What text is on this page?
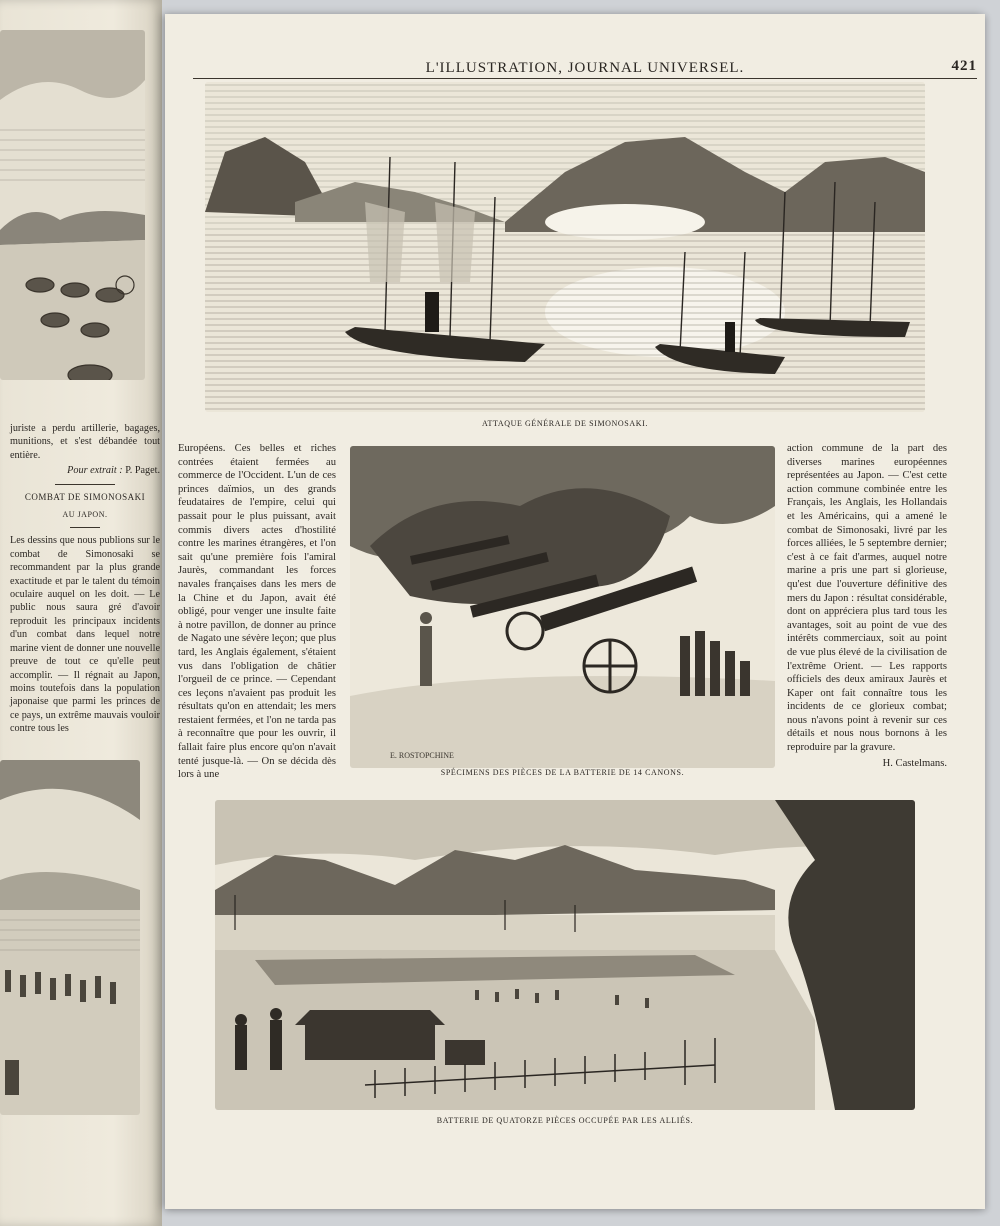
juriste a perdu artillerie, bagages, munitions, et s'est débandée tout entière.

Pour extrait : P. Paget.

COMBAT DE SIMONOSAKI

AU JAPON.

Les dessins que nous publions sur le combat de Simonosaki se recommandent par la plus grande exactitude et par le talent du témoin oculaire auquel on les doit. — Le public nous saura gré d'avoir reproduit les principaux incidents d'un combat dans lequel notre marine vient de donner une nouvelle preuve de tout ce qu'elle peut accomplir. — Il régnait au Japon, moins toutefois dans la population japonaise que parmi les princes de ce pays, un extrême mauvais vouloir contre tous les

L'ILLUSTRATION, JOURNAL UNIVERSEL.	421
ATTAQUE GÉNÉRALE DE SIMONOSAKI.

Européens. Ces belles et riches contrées étaient fermées au commerce de l'Occident. L'un de ces princes daïmios, un des grands feudataires de l'empire, celui qui passait pour le plus puissant, avait commis divers actes d'hostilité contre les marines étrangères, et l'on sait qu'une première fois l'amiral Jaurès, commandant les forces navales françaises dans les mers de la Chine et du Japon, avait été obligé, pour venger une insulte faite à notre pavillon, de donner au prince de Nagato une sévère leçon; que plus tard, les Anglais également, s'étaient vus dans l'obligation de châtier l'orgueil de ce prince. — Cependant ces leçons n'avaient pas produit les résultats qu'on en attendait; les mers restaient fermées, et l'on ne tarda pas à reconnaître que pour les ouvrir, il fallait faire plus encore qu'on n'avait tenté jusque-là. — On se décida dès lors à une

E. ROSTOPCHINE
SPÉCIMENS DES PIÈCES DE LA BATTERIE DE 14 CANONS.

action commune de la part des diverses marines européennes représentées au Japon. — C'est cette action commune combinée entre les Français, les Anglais, les Hollandais et les Américains, qui a amené le combat de Simonosaki, livré par les forces alliées, le 5 septembre dernier; c'est à ce fait d'armes, auquel notre marine a pris une part si glorieuse, qu'est due l'ouverture définitive des mers du Japon : résultat considérable, dont on appréciera plus tard tous les avantages, soit au point de vue des intérêts commerciaux, soit au point de vue plus élevé de la civilisation de l'extrême Orient. — Les rapports officiels des deux amiraux Jaurès et Kaper ont fait connaître tous les incidents de ce glorieux combat; nous n'avons point à revenir sur ces détails et nous nous bornons à les reproduire par la gravure.

H. Castelmans.

BATTERIE DE QUATORZE PIÈCES OCCUPÉE PAR LES ALLIÉS.
